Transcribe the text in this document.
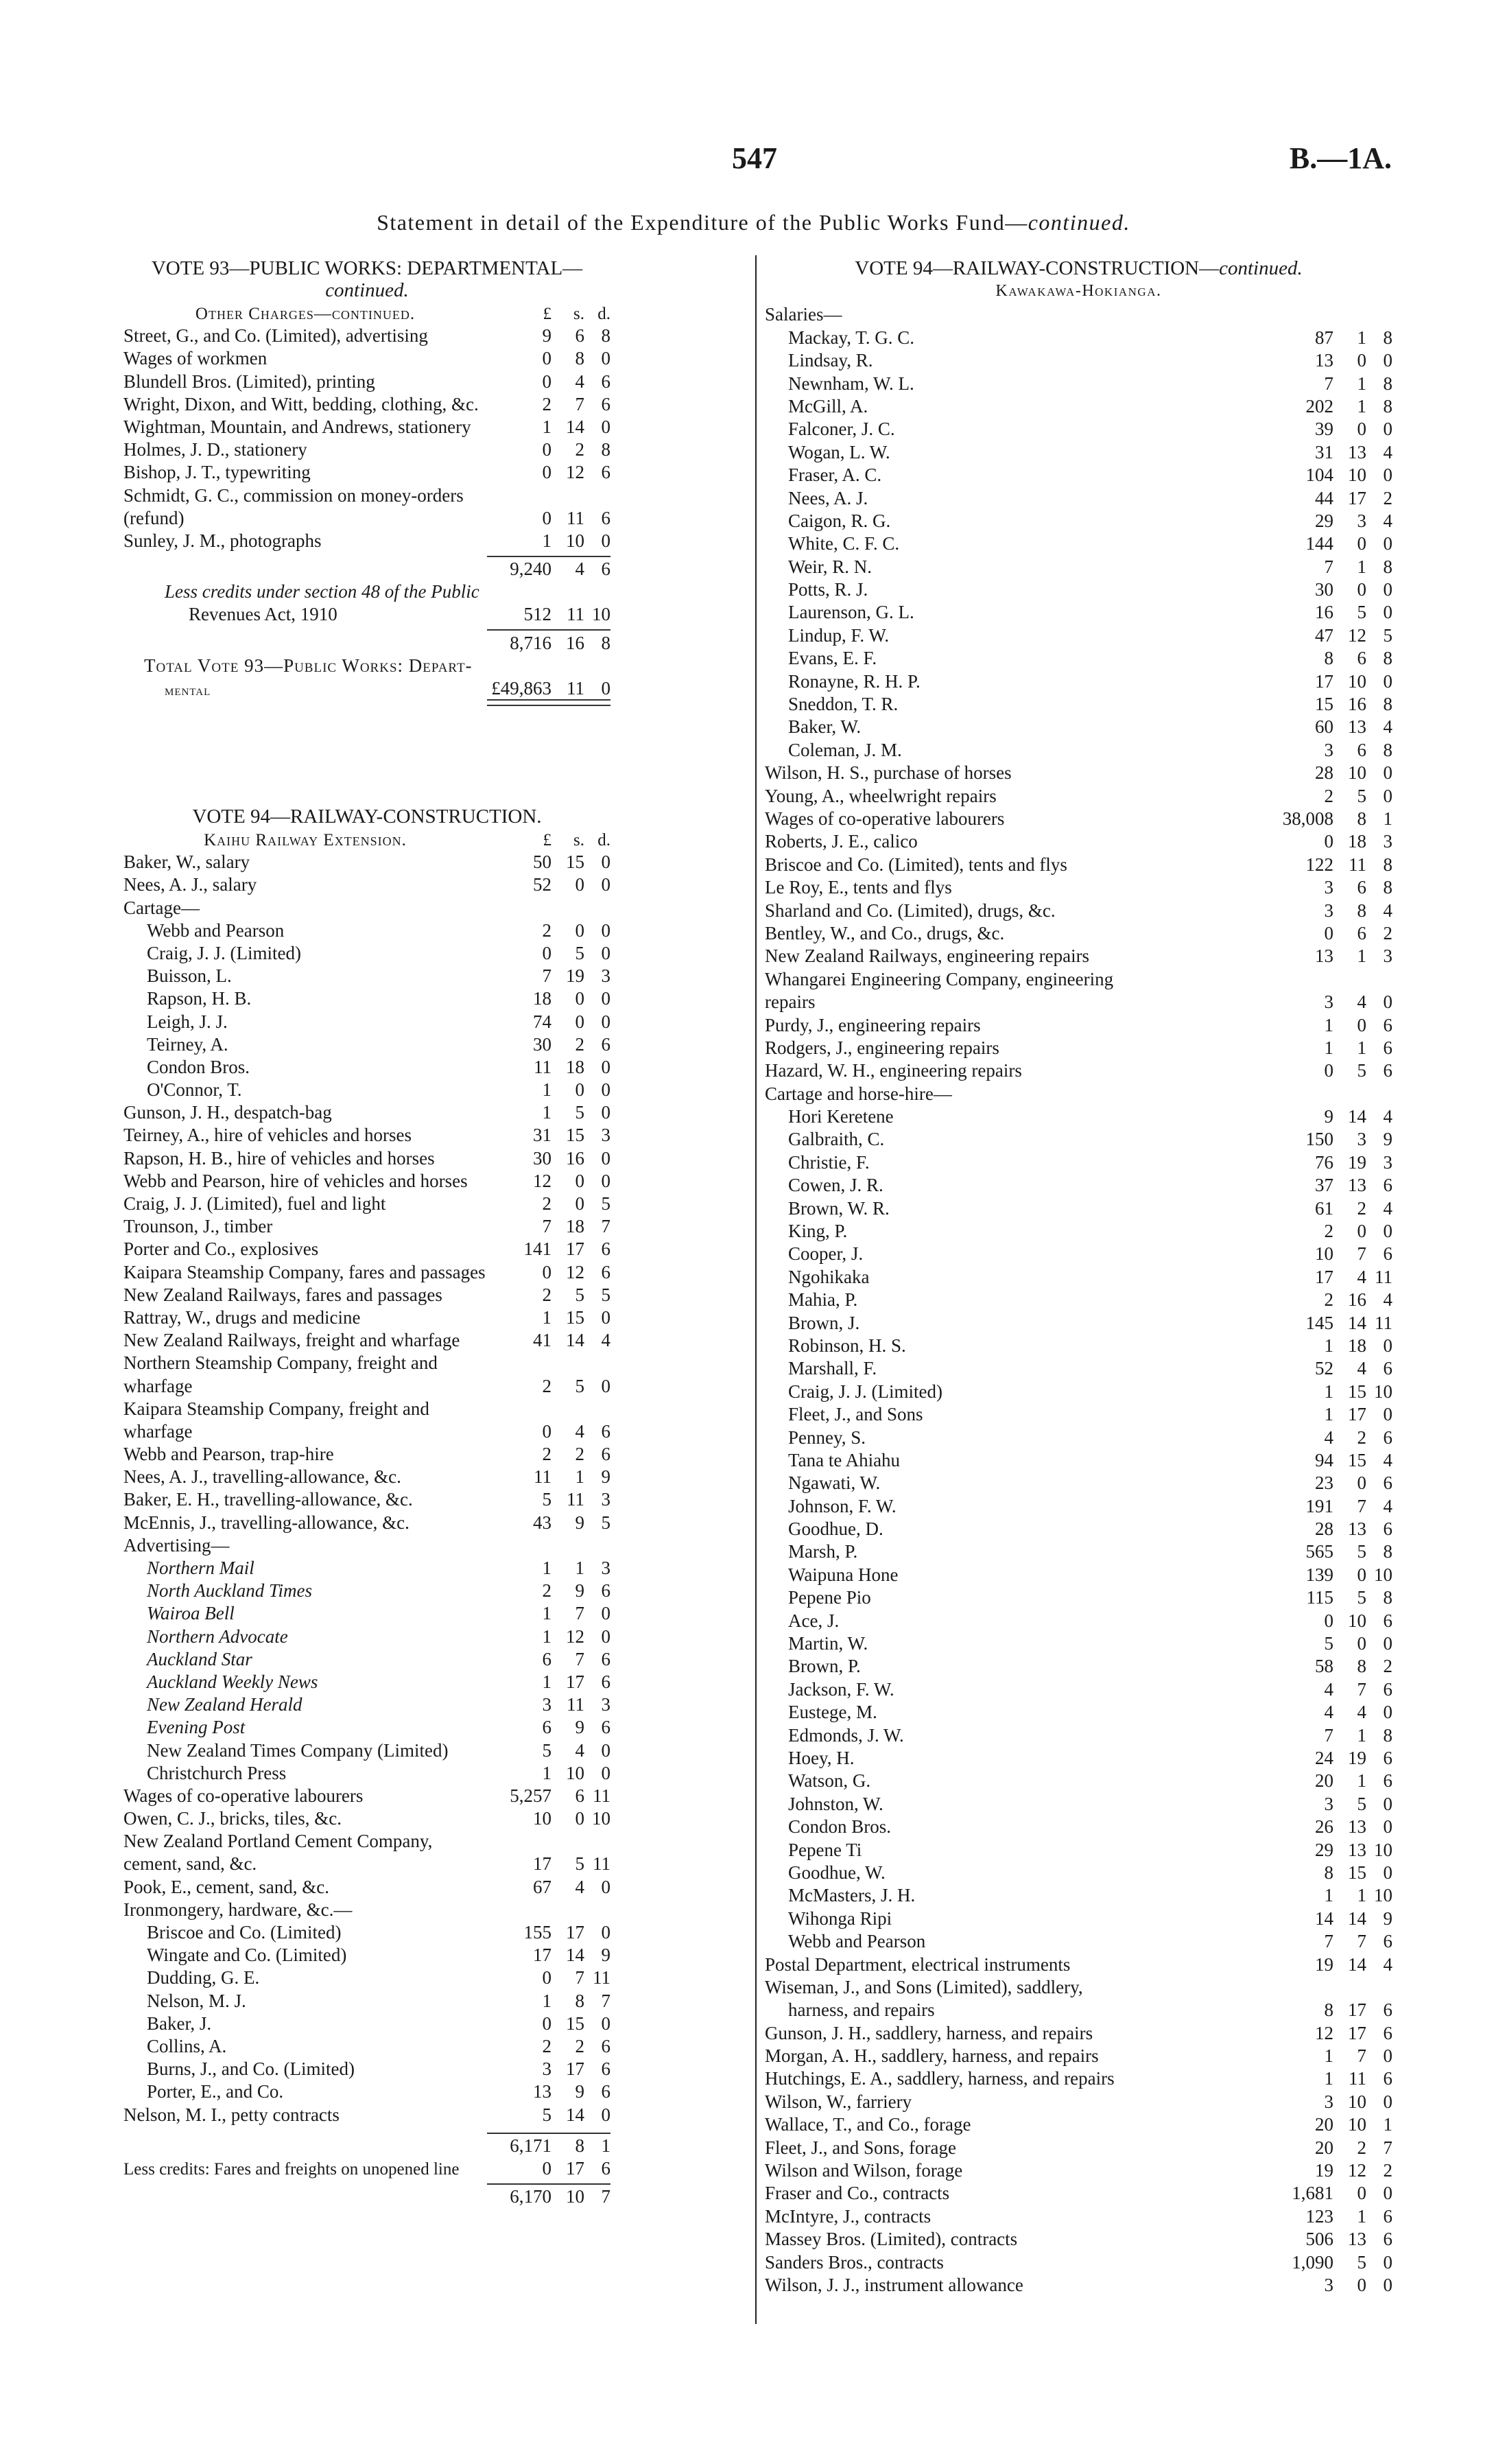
547	B.—1A.
Statement in detail of the Expenditure of the Public Works Fund—continued.
VOTE 93—PUBLIC WORKS: DEPARTMENTAL—
continued.
Other Charges—continued.	£	s. d.
Street, G., and Co. (Limited), advertising	9	6 8
Wages of workmen	0	8 0
Blundell Bros. (Limited), printing	0	4 6
Wright, Dixon, and Witt, bedding, clothing, &c.	2	7 6
Wightman, Mountain, and Andrews, stationery	1 14 0
Holmes, J. D., stationery	0	2 8
Bishop, J. T., typewriting	0 12 6
Schmidt, G. C., commission on money-orders
(refund)	0 11 6
Sunley, J. M., photographs	1 10 0
9,240	4 6
Less credits under section 48 of the Public
Revenues Act, 1910	512 11 10
8,716 16 8
Total Vote 93—Public Works: Depart-
mental	£49,863 11 0
VOTE 94—RAILWAY-CONSTRUCTION.
Kaihu Railway Extension.	£	s. d.
Baker, W., salary	50 15 0
Nees, A. J., salary	52	0 0
Cartage—
Webb and Pearson	2	0 0
Craig, J. J. (Limited)	0	5 0
Buisson, L.	7 19 3
Rapson, H. B.	18	0 0
Leigh, J. J.	74	0 0
Teirney, A.	30	2 6
Condon Bros.	11 18 0
O'Connor, T.	1	0 0
Gunson, J. H., despatch-bag	1	5 0
Teirney, A., hire of vehicles and horses	31 15 3
Rapson, H. B., hire of vehicles and horses	30 16 0
Webb and Pearson, hire of vehicles and horses	12	0 0
Craig, J. J. (Limited), fuel and light	2	0 5
Trounson, J., timber	7 18 7
Porter and Co., explosives	141 17 6
Kaipara Steamship Company, fares and passages	0 12 6
New Zealand Railways, fares and passages	2	5 5
Rattray, W., drugs and medicine	1 15 0
New Zealand Railways, freight and wharfage	41 14 4
Northern Steamship Company, freight and
wharfage	2	5 0
Kaipara Steamship Company, freight and
wharfage	0	4 6
Webb and Pearson, trap-hire	2	2 6
Nees, A. J., travelling-allowance, &c.	11	1 9
Baker, E. H., travelling-allowance, &c.	5 11 3
McEnnis, J., travelling-allowance, &c.	43	9 5
Advertising—
Northern Mail	1	1 3
North Auckland Times	2	9 6
Wairoa Bell	1	7 0
Northern Advocate	1 12 0
Auckland Star	6	7 6
Auckland Weekly News	1 17 6
New Zealand Herald	3 11 3
Evening Post	6	9 6
New Zealand Times Company (Limited)	5	4 0
Christchurch Press	1 10 0
Wages of co-operative labourers	5,257	6 11
Owen, C. J., bricks, tiles, &c.	10	0 10
New Zealand Portland Cement Company,
cement, sand, &c.	17	5 11
Pook, E., cement, sand, &c.	67	4 0
Ironmongery, hardware, &c.—
Briscoe and Co. (Limited)	155 17 0
Wingate and Co. (Limited)	17 14 9
Dudding, G. E.	0	7 11
Nelson, M. J.	1	8 7
Baker, J.	0 15 0
Collins, A.	2	2 6
Burns, J., and Co. (Limited)	3 17 6
Porter, E., and Co.	13	9 6
Nelson, M. I., petty contracts	5 14 0
6,171	8 1
Less credits: Fares and freights on unopened line	0 17 6
6,170 10 7
VOTE 94—RAILWAY-CONSTRUCTION—continued.
Kawakawa-Hokianga.
Salaries—
Mackay, T. G. C.	87	1 8
Lindsay, R.	13	0 0
Newnham, W. L.	7	1 8
McGill, A.	202	1 8
Falconer, J. C.	39	0 0
Wogan, L. W.	31 13 4
Fraser, A. C.	104 10 0
Nees, A. J.	44 17 2
Caigon, R. G.	29	3 4
White, C. F. C.	144	0 0
Weir, R. N.	7	1 8
Potts, R. J.	30	0 0
Laurenson, G. L.	16	5 0
Lindup, F. W.	47 12 5
Evans, E. F.	8	6 8
Ronayne, R. H. P.	17 10 0
Sneddon, T. R.	15 16 8
Baker, W.	60 13 4
Coleman, J. M.	3	6 8
Wilson, H. S., purchase of horses	28 10 0
Young, A., wheelwright repairs	2	5 0
Wages of co-operative labourers	38,008	8 1
Roberts, J. E., calico	0 18 3
Briscoe and Co. (Limited), tents and flys	122 11 8
Le Roy, E., tents and flys	3	6 8
Sharland and Co. (Limited), drugs, &c.	3	8 4
Bentley, W., and Co., drugs, &c.	0	6 2
New Zealand Railways, engineering repairs	13	1 3
Whangarei Engineering Company, engineering
repairs	3	4 0
Purdy, J., engineering repairs	1	0 6
Rodgers, J., engineering repairs	1	1 6
Hazard, W. H., engineering repairs	0	5 6
Cartage and horse-hire—
Hori Keretene	9 14 4
Galbraith, C.	150	3 9
Christie, F.	76 19 3
Cowen, J. R.	37 13 6
Brown, W. R.	61	2 4
King, P.	2	0 0
Cooper, J.	10	7 6
Ngohikaka	17	4 11
Mahia, P.	2 16 4
Brown, J.	145 14 11
Robinson, H. S.	1 18 0
Marshall, F.	52	4 6
Craig, J. J. (Limited)	1 15 10
Fleet, J., and Sons	1 17 0
Penney, S.	4	2 6
Tana te Ahiahu	94 15 4
Ngawati, W.	23	0 6
Johnson, F. W.	191	7 4
Goodhue, D.	28 13 6
Marsh, P.	565	5 8
Waipuna Hone	139	0 10
Pepene Pio	115	5 8
Ace, J.	0 10 6
Martin, W.	5	0 0
Brown, P.	58	8 2
Jackson, F. W.	4	7 6
Eustege, M.	4	4 0
Edmonds, J. W.	7	1 8
Hoey, H.	24 19 6
Watson, G.	20	1 6
Johnston, W.	3	5 0
Condon Bros.	26 13 0
Pepene Ti	29 13 10
Goodhue, W.	8 15 0
McMasters, J. H.	1	1 10
Wihonga Ripi	14 14 9
Webb and Pearson	7	7 6
Postal Department, electrical instruments	19 14 4
Wiseman, J., and Sons (Limited), saddlery,
harness, and repairs	8 17 6
Gunson, J. H., saddlery, harness, and repairs	12 17 6
Morgan, A. H., saddlery, harness, and repairs	1	7 0
Hutchings, E. A., saddlery, harness, and repairs	1 11 6
Wilson, W., farriery	3 10 0
Wallace, T., and Co., forage	20 10 1
Fleet, J., and Sons, forage	20	2 7
Wilson and Wilson, forage	19 12 2
Fraser and Co., contracts	1,681	0 0
McIntyre, J., contracts	123	1 6
Massey Bros. (Limited), contracts	506 13 6
Sanders Bros., contracts	1,090	5 0
Wilson, J. J., instrument allowance	3	0 0
